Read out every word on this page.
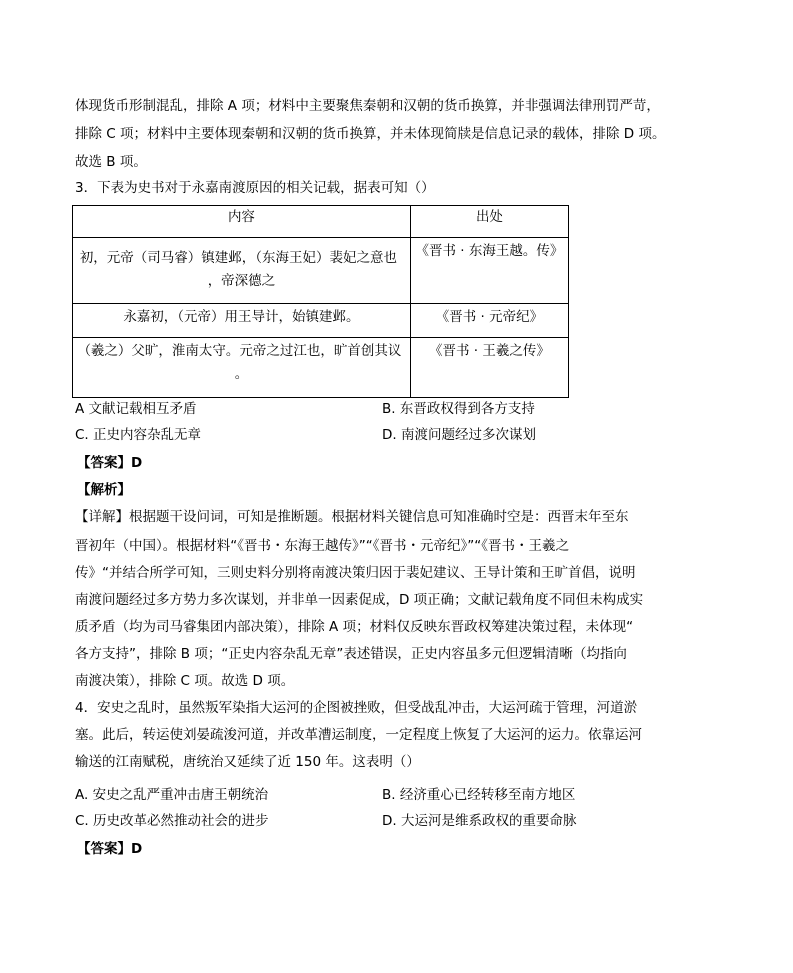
体现货币形制混乱，排除 A 项；材料中主要聚焦秦朝和汉朝的货币换算，并非强调法律刑罚严苛，
排除 C 项；材料中主要体现秦朝和汉朝的货币换算，并未体现简牍是信息记录的载体，排除 D 项。
故选 B 项。
3．下表为史书对于永嘉南渡原因的相关记载，据表可知（）
内容	出处

初，元帝（司马睿）镇建邺，（东海王妃）裴妃之意也
，帝深德之	《晋书 · 东海王越。传》

永嘉初，（元帝）用王导计，始镇建邺。	《晋书 · 元帝纪》

（羲之）父旷，淮南太守。元帝之过江也，旷首创其议
。	《晋书 · 王羲之传》
A 文献记载相互矛盾	B. 东晋政权得到各方支持
C. 正史内容杂乱无章	D. 南渡问题经过多次谋划
【答案】D
【解析】
【详解】根据题干设问词，可知是推断题。根据材料关键信息可知准确时空是：西晋末年至东
晋初年（中国）。根据材料“《晋书・东海王越传》”“《晋书・元帝纪》”“《晋书・王羲之
传》“并结合所学可知，三则史料分别将南渡决策归因于裴妃建议、王导计策和王旷首倡，说明
南渡问题经过多方势力多次谋划，并非单一因素促成，D 项正确；文献记载角度不同但未构成实
质矛盾（均为司马睿集团内部决策），排除 A 项；材料仅反映东晋政权筹建决策过程，未体现“
各方支持”，排除 B 项；“正史内容杂乱无章”表述错误，正史内容虽多元但逻辑清晰（均指向
南渡决策），排除 C 项。故选 D 项。
4．安史之乱时，虽然叛军染指大运河的企图被挫败，但受战乱冲击，大运河疏于管理，河道淤
塞。此后，转运使刘晏疏浚河道，并改革漕运制度，一定程度上恢复了大运河的运力。依靠运河
输送的江南赋税，唐统治又延续了近 150 年。这表明（）
A. 安史之乱严重冲击唐王朝统治	B. 经济重心已经转移至南方地区
C. 历史改革必然推动社会的进步	D. 大运河是维系政权的重要命脉
【答案】D
